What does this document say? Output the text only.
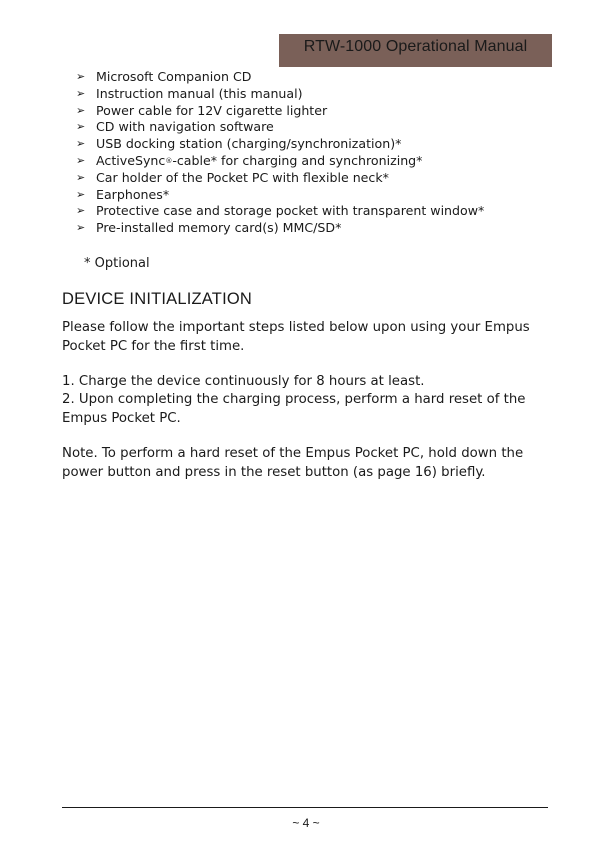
RTW-1000 Operational Manual
➢ Microsoft Companion CD
➢ Instruction manual (this manual)
➢ Power cable for 12V cigarette lighter
➢ CD with navigation software
➢ USB docking station (charging/synchronization)*
➢ ActiveSync ® -cable* for charging and synchronizing*
➢ Car holder of the Pocket PC with flexible neck*
➢ Earphones*
➢ Protective case and storage pocket with transparent window*
➢ Pre-installed memory card(s) MMC/SD*
* Optional
DEVICE INITIALIZATION

Please follow the important steps listed below upon using your Empus Pocket PC for the first time.

1. Charge the device continuously for 8 hours at least.

2. Upon completing the charging process, perform a hard reset of the Empus Pocket PC.

Note. To perform a hard reset of the Empus Pocket PC, hold down the power button and press in the reset button (as page 16) briefly.

~ 4 ~
